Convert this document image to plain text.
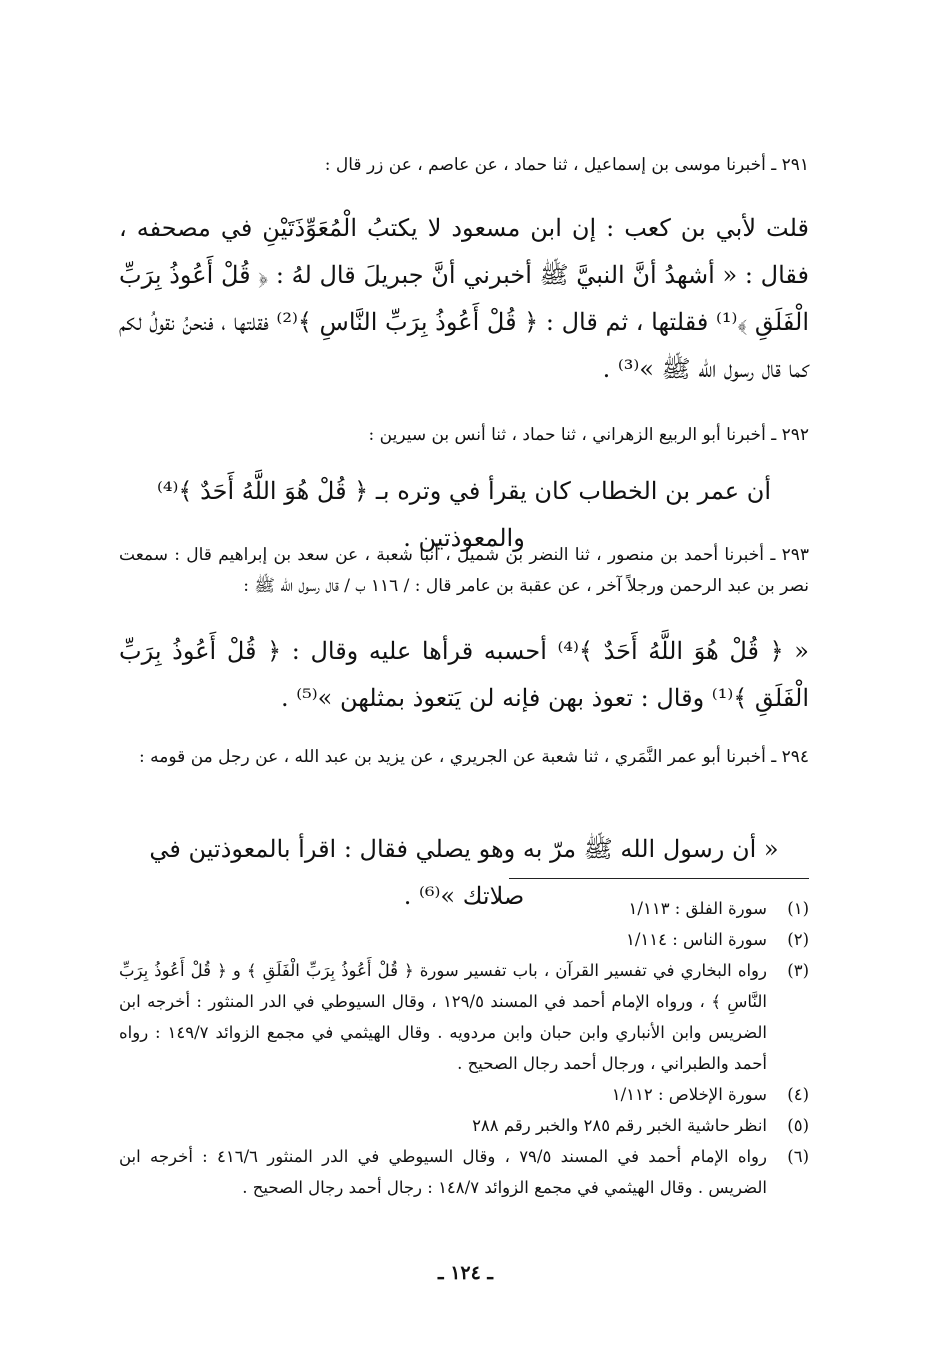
٢٩١ ـ أخبرنا موسى بن إسماعيل ، ثنا حماد ، عن عاصم ، عن زر قال :
قلت لأبي بن كعب : إن ابن مسعود لا يكتبُ الْمُعَوِّذَتَيْنِ في مصحفه ، فقال : « أشهدُ أنَّ النبيَّ ﷺ أخبرني أنَّ جبريلَ قال لهُ : ﴿ قُلْ أَعُوذُ بِرَبِّ الْفَلَقِ ﴾⁽¹⁾ فقلتها ، ثم قال : ﴿ قُلْ أَعُوذُ بِرَبِّ النَّاسِ ﴾⁽²⁾ فقلتها ، فنحنُ نقولُ لكم كما قال رسول الله ﷺ »⁽³⁾ .
٢٩٢ ـ أخبرنا أبو الربيع الزهراني ، ثنا حماد ، ثنا أنس بن سيرين :
أن عمر بن الخطاب كان يقرأ في وتره بـ ﴿ قُلْ هُوَ اللَّهُ أَحَدٌ ﴾⁽⁴⁾ والمعوذتين .
٢٩٣ ـ أخبرنا أحمد بن منصور ، ثنا النضر بن شميل ، أنبا شعبة ، عن سعد بن إبراهيم قال : سمعت نصر بن عبد الرحمن ورجلاً آخر ، عن عقبة بن عامر قال : / ١١٦ ب / قال رسول الله ﷺ :
« ﴿ قُلْ هُوَ اللَّهُ أَحَدٌ ﴾⁽⁴⁾ أحسبه قرأها عليه وقال : ﴿ قُلْ أَعُوذُ بِرَبِّ الْفَلَقِ ﴾⁽¹⁾ وقال : تعوذ بهن فإنه لن يَتعوذ بمثلهن »⁽⁵⁾ .
٢٩٤ ـ أخبرنا أبو عمر النَّمَري ، ثنا شعبة عن الجريري ، عن يزيد بن عبد الله ، عن رجل من قومه :
« أن رسول الله ﷺ مرّ به وهو يصلي فقال : اقرأ بالمعوذتين في صلاتك »⁽⁶⁾ .	(١)
سورة الفلق : ١/١١٣
(٢)
سورة الناس : ١/١١٤
(٣)
رواه البخاري في تفسير القرآن ، باب تفسير سورة ﴿ قُلْ أَعُوذُ بِرَبِّ الْفَلَقِ ﴾ و ﴿ قُلْ أَعُوذُ بِرَبِّ النَّاسِ ﴾ ، ورواه الإمام أحمد في المسند ١٢٩/٥ ، وقال السيوطي في الدر المنثور : أخرجه ابن الضريس وابن الأنباري وابن حبان وابن مردويه . وقال الهيثمي في مجمع الزوائد ١٤٩/٧ : رواه أحمد والطبراني ، ورجال أحمد رجال الصحيح .
(٤)
سورة الإخلاص : ١/١١٢
(٥)
انظر حاشية الخبر رقم ٢٨٥ والخبر رقم ٢٨٨
(٦)
رواه الإمام أحمد في المسند ٧٩/٥ ، وقال السيوطي في الدر المنثور ٤١٦/٦ : أخرجه ابن الضريس . وقال الهيثمي في مجمع الزوائد ١٤٨/٧ : رجال أحمد رجال الصحيح .
ـ ١٢٤ ـ
